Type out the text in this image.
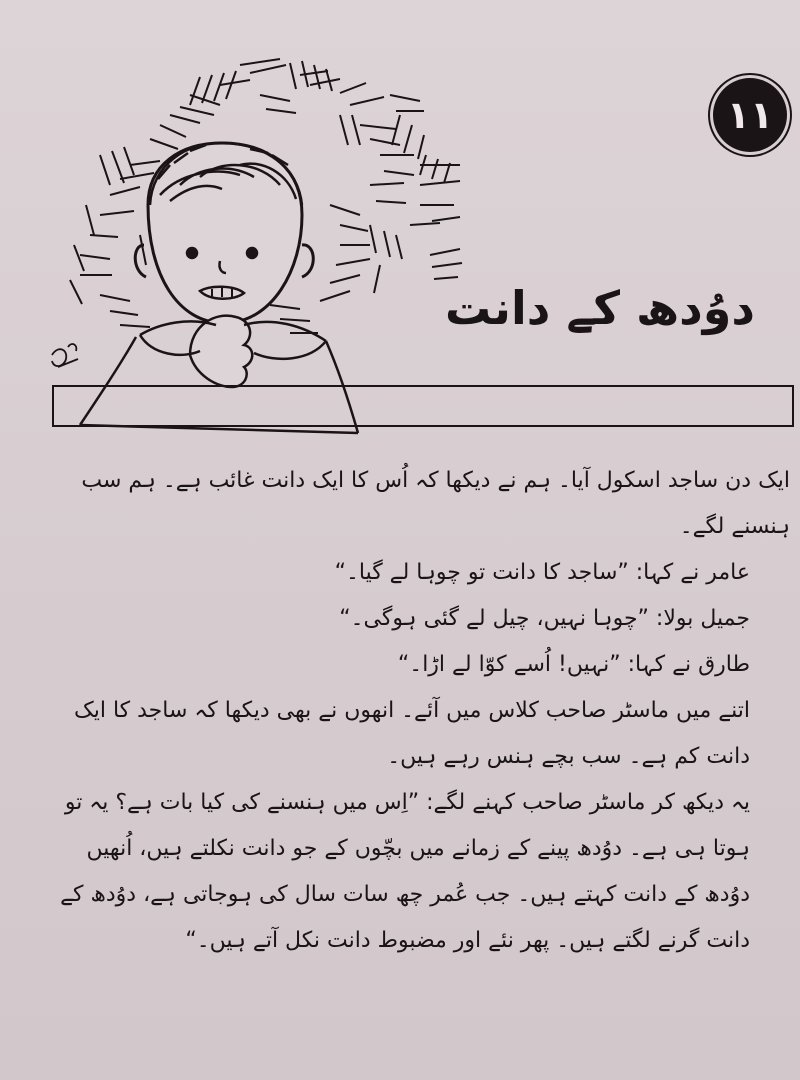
۱۱
دوُدھ کے دانت

ایک دن ساجد اسکول آیا۔ ہم نے دیکھا کہ اُس کا ایک دانت غائب ہے۔ ہم سب ہنسنے لگے۔

عامر نے کہا: ”ساجد کا دانت تو چوہا لے گیا۔“

جمیل بولا: ”چوہا نہیں، چیل لے گئی ہوگی۔“

طارق نے کہا: ”نہیں! اُسے کوّا لے اڑا۔“

اتنے میں ماسٹر صاحب کلاس میں آئے۔ انھوں نے بھی دیکھا کہ ساجد کا ایک دانت کم ہے۔ سب بچے ہنس رہے ہیں۔

یہ دیکھ کر ماسٹر صاحب کہنے لگے: ”اِس میں ہنسنے کی کیا بات ہے؟ یہ تو ہوتا ہی ہے۔ دوُدھ پینے کے زمانے میں بچّوں کے جو دانت نکلتے ہیں، اُنھیں دوُدھ کے دانت کہتے ہیں۔ جب عُمر چھ سات سال کی ہوجاتی ہے، دوُدھ کے دانت گرنے لگتے ہیں۔ پھر نئے اور مضبوط دانت نکل آتے ہیں۔“
